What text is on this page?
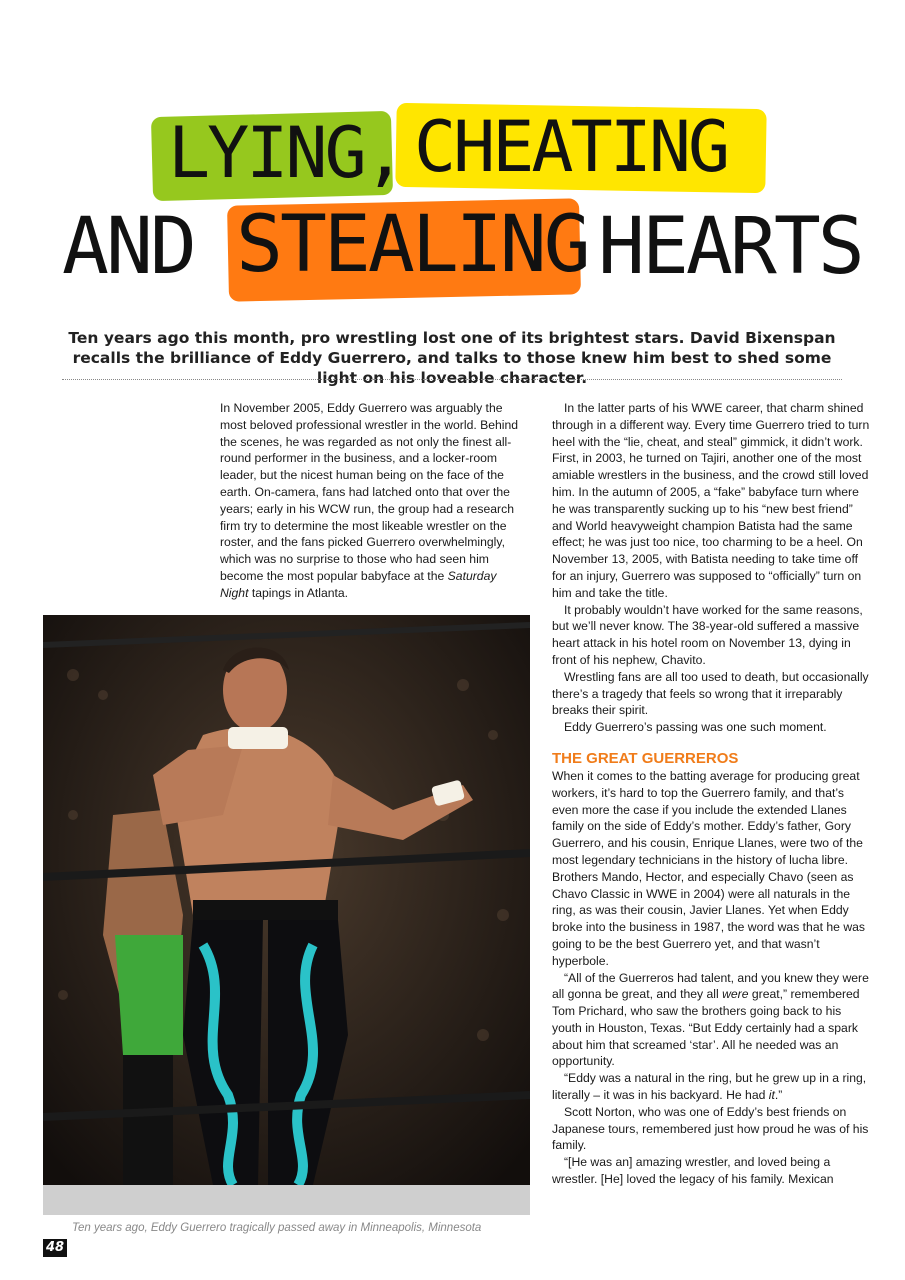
LYING, CHEATING
AND STEALING HEARTS
Ten years ago this month, pro wrestling lost one of its brightest stars. David Bixenspan recalls the brilliance of Eddy Guerrero, and talks to those knew him best to shed some light on his loveable character.

In November 2005, Eddy Guerrero was arguably the most beloved professional wrestler in the world. Behind the scenes, he was regarded as not only the finest all-round performer in the business, and a locker-room leader, but the nicest human being on the face of the earth. On-camera, fans had latched onto that over the years; early in his WCW run, the group had a research firm try to determine the most likeable wrestler on the roster, and the fans picked Guerrero overwhelmingly, which was no surprise to those who had seen him become the most popular babyface at the Saturday Night tapings in Atlanta.

In the latter parts of his WWE career, that charm shined through in a different way. Every time Guerrero tried to turn heel with the “lie, cheat, and steal” gimmick, it didn’t work. First, in 2003, he turned on Tajiri, another one of the most amiable wrestlers in the business, and the crowd still loved him. In the autumn of 2005, a “fake” babyface turn where he was transparently sucking up to his “new best friend” and World heavyweight champion Batista had the same effect; he was just too nice, too charming to be a heel. On November 13, 2005, with Batista needing to take time off for an injury, Guerrero was supposed to “officially” turn on him and take the title.

It probably wouldn’t have worked for the same reasons, but we’ll never know. The 38-year-old suffered a massive heart attack in his hotel room on November 13, dying in front of his nephew, Chavito.

Wrestling fans are all too used to death, but occasionally there’s a tragedy that feels so wrong that it irreparably breaks their spirit.

Eddy Guerrero’s passing was one such moment.

THE GREAT GUERREROS

When it comes to the batting average for producing great workers, it’s hard to top the Guerrero family, and that’s even more the case if you include the extended Llanes family on the side of Eddy’s mother. Eddy’s father, Gory Guerrero, and his cousin, Enrique Llanes, were two of the most legendary technicians in the history of lucha libre. Brothers Mando, Hector, and especially Chavo (seen as Chavo Classic in WWE in 2004) were all naturals in the ring, as was their cousin, Javier Llanes. Yet when Eddy broke into the business in 1987, the word was that he was going to be the best Guerrero yet, and that wasn’t hyperbole.

“All of the Guerreros had talent, and you knew they were all gonna be great, and they all were great,” remembered Tom Prichard, who saw the brothers going back to his youth in Houston, Texas. “But Eddy certainly had a spark about him that screamed ‘star’. All he needed was an opportunity.

“Eddy was a natural in the ring, but he grew up in a ring, literally – it was in his backyard. He had it.”

Scott Norton, who was one of Eddy’s best friends on Japanese tours, remembered just how proud he was of his family.

“[He was an] amazing wrestler, and loved being a wrestler. [He] loved the legacy of his family. Mexican

Ten years ago, Eddy Guerrero tragically passed away in Minneapolis, Minnesota
48
